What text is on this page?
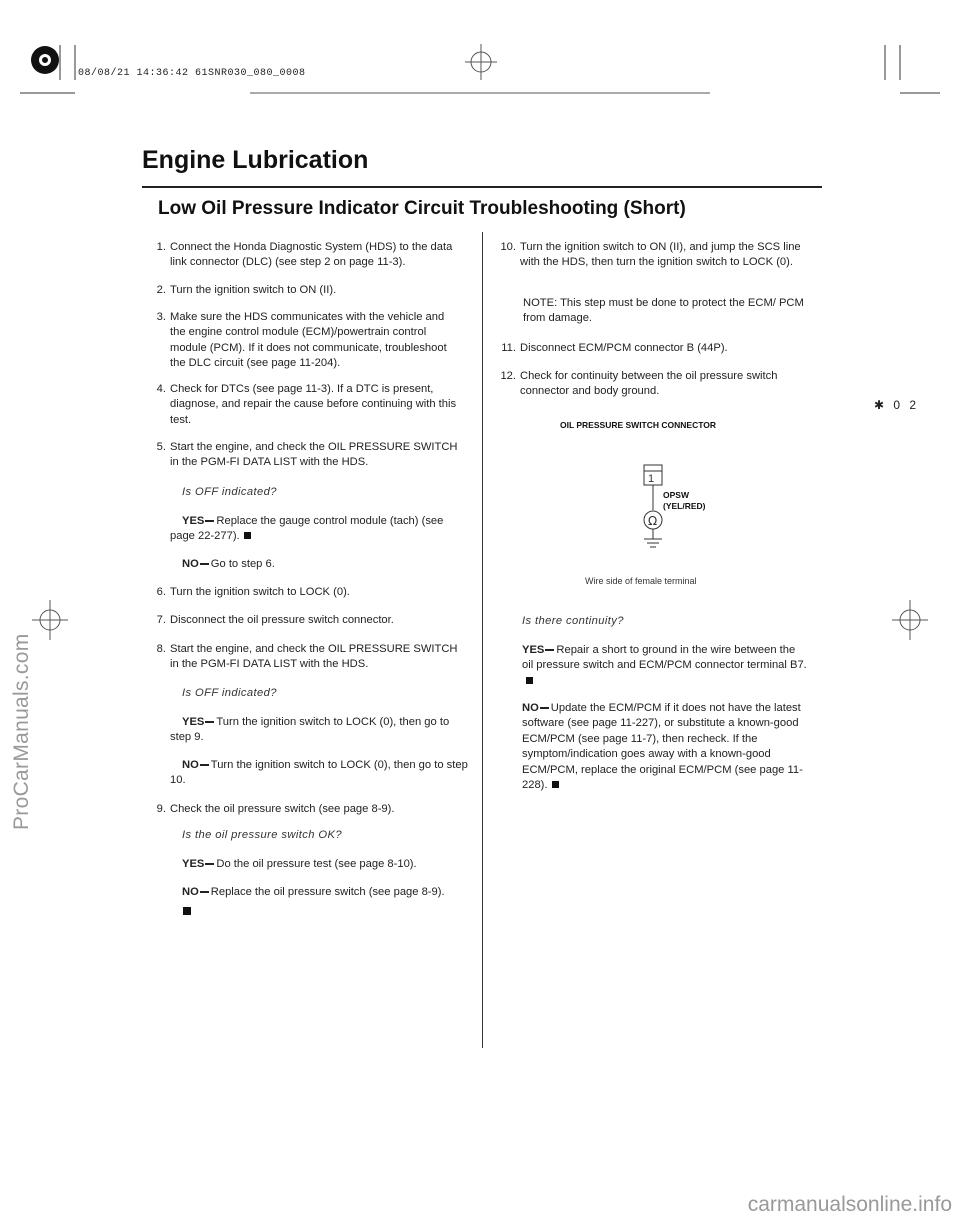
08/08/21 14:36:42 61SNR030_080_0008
Engine Lubrication
Low Oil Pressure Indicator Circuit Troubleshooting (Short)
✱ 0 2
1. Connect the Honda Diagnostic System (HDS) to the data link connector (DLC) (see step 2 on page 11-3).
2. Turn the ignition switch to ON (II).
3. Make sure the HDS communicates with the vehicle and the engine control module (ECM)/powertrain control module (PCM). If it does not communicate, troubleshoot the DLC circuit (see page 11-204).
4. Check for DTCs (see page 11-3). If a DTC is present, diagnose, and repair the cause before continuing with this test.
5. Start the engine, and check the OIL PRESSURE SWITCH in the PGM-FI DATA LIST with the HDS.
Is OFF indicated?
YES Replace the gauge control module (tach) (see page 22-277).
NO Go to step 6.
6. Turn the ignition switch to LOCK (0).
7. Disconnect the oil pressure switch connector.
8. Start the engine, and check the OIL PRESSURE SWITCH in the PGM-FI DATA LIST with the HDS.
Is OFF indicated?
YES Turn the ignition switch to LOCK (0), then go to step 9.
NO Turn the ignition switch to LOCK (0), then go to step 10.
9. Check the oil pressure switch (see page 8-9).
Is the oil pressure switch OK?
YES Do the oil pressure test (see page 8-10).
NO Replace the oil pressure switch (see page 8-9).
10. Turn the ignition switch to ON (II), and jump the SCS line with the HDS, then turn the ignition switch to LOCK (0).
NOTE: This step must be done to protect the ECM/ PCM from damage.
11. Disconnect ECM/PCM connector B (44P).
12. Check for continuity between the oil pressure switch connector and body ground.
OIL PRESSURE SWITCH CONNECTOR
Ω
1
OPSW
(YEL/RED)
Wire side of female terminal
Is there continuity?
YES Repair a short to ground in the wire between the oil pressure switch and ECM/PCM connector terminal B7.
NO Update the ECM/PCM if it does not have the latest software (see page 11-227), or substitute a known-good ECM/PCM (see page 11-7), then recheck. If the symptom/indication goes away with a known-good ECM/PCM, replace the original ECM/PCM (see page 11-228).
ProCarManuals.com
carmanualsonline.info
